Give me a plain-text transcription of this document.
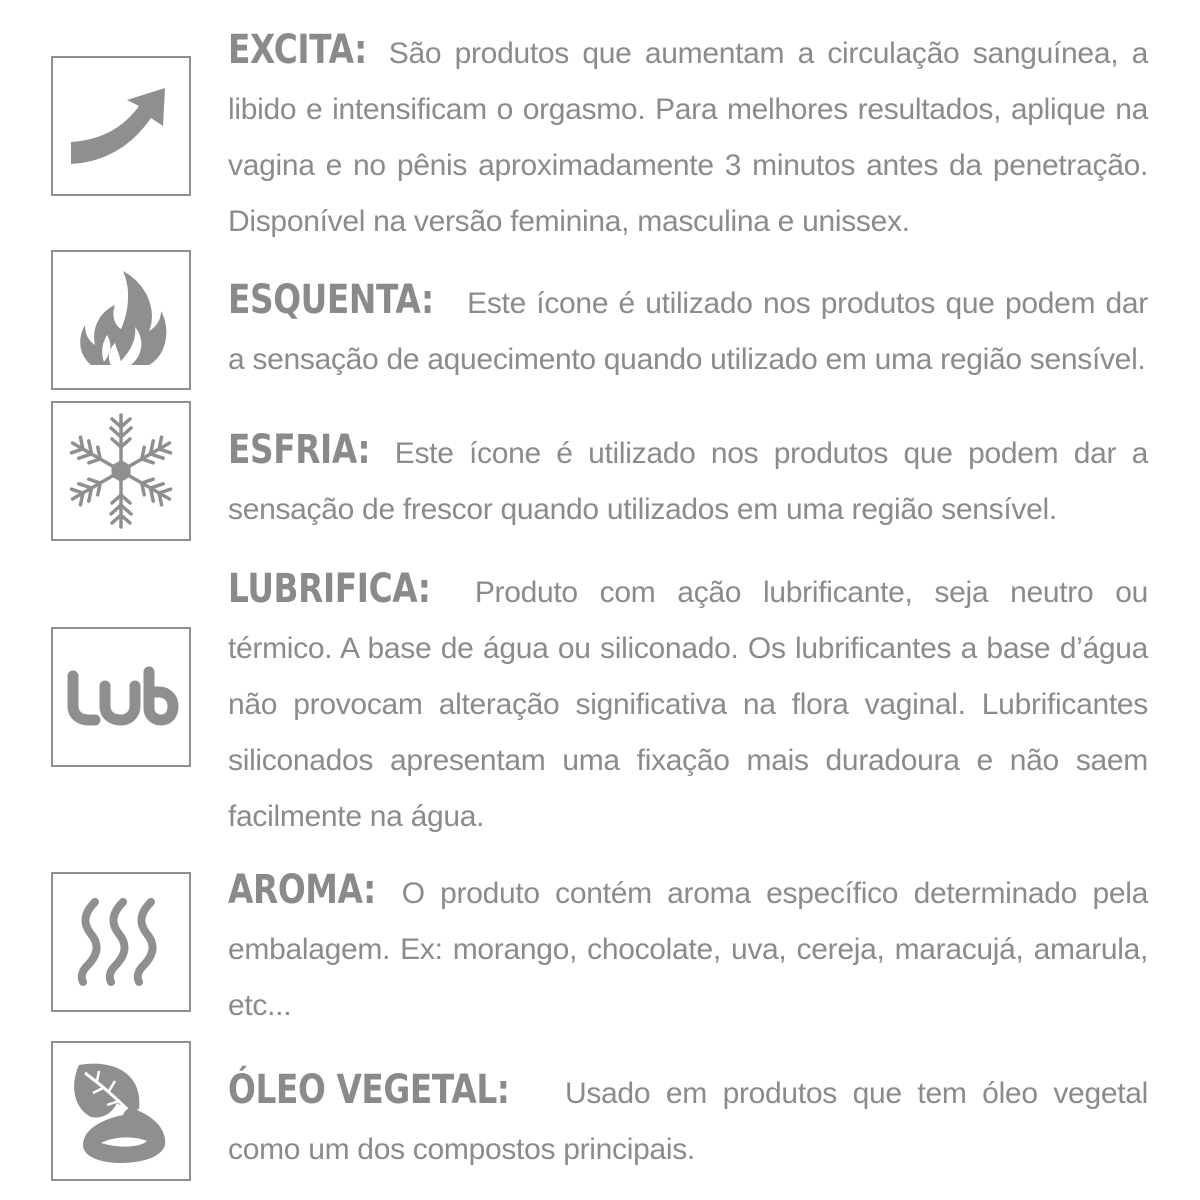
EXCITA: São produtos que aumentam a circulação sanguínea, a libido e intensificam o orgasmo. Para melhores resultados, aplique na vagina e no pênis aproximadamente 3 minutos antes da penetração. Disponível na versão feminina, masculina e unissex.
ESQUENTA: Este ícone é utilizado nos produtos que podem dar a sensação de aquecimento quando utilizado em uma região sensível.
ESFRIA: Este ícone é utilizado nos produtos que podem dar a sensação de frescor quando utilizados em uma região sensível.
LUBRIFICA: Produto com ação lubrificante, seja neutro ou térmico. A base de água ou siliconado. Os lubrificantes a base d’água não provocam alteração significativa na flora vaginal. Lubrificantes siliconados apresentam uma fixação mais duradoura e não saem facilmente na água.
AROMA: O produto contém aroma específico determinado pela embalagem. Ex: morango, chocolate, uva, cereja, maracujá, amarula, etc...
ÓLEO VEGETAL: Usado em produtos que tem óleo vegetal como um dos compostos principais.
